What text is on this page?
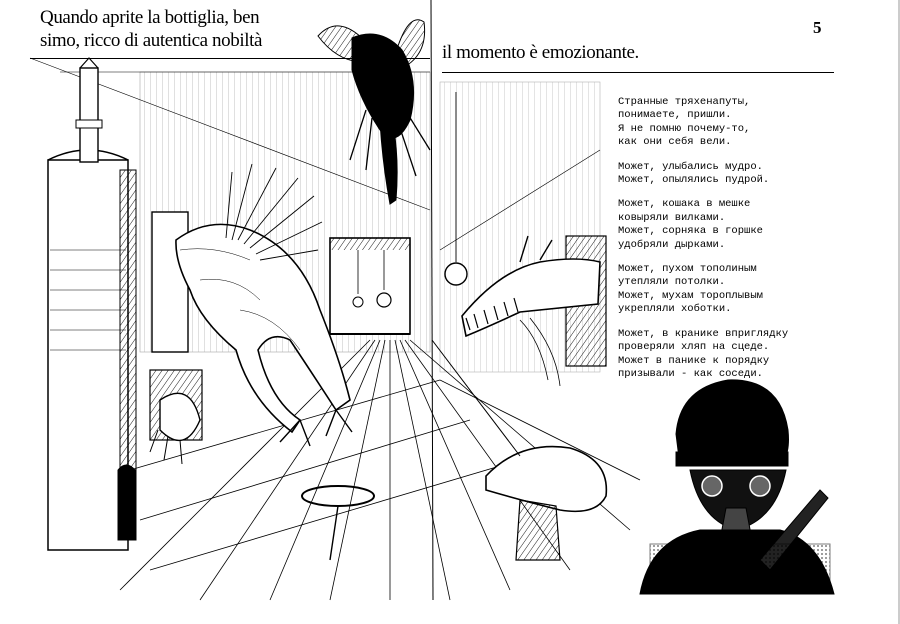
Quando aprite la bottiglia, ben
simo, ricco di autentica nobiltà
il momento è emozionante.
5
Странные тряхенапуты,
понимаете, пришли.
Я не помню почему-то,
как они себя вели.
Может, улыбались мудро.
Может, опылялись пудрой.
Может, кошака в мешке
ковыряли вилками.
Может, сорняка в горшке
удобряли дырками.
Может, пухом тополиным
утепляли потолки.
Может, мухам тороплывым
укрепляли хоботки.
Может, в кранике вприглядку
проверяли хляп на сцеде.
Может в панике к порядку
призывали - как соседи.
